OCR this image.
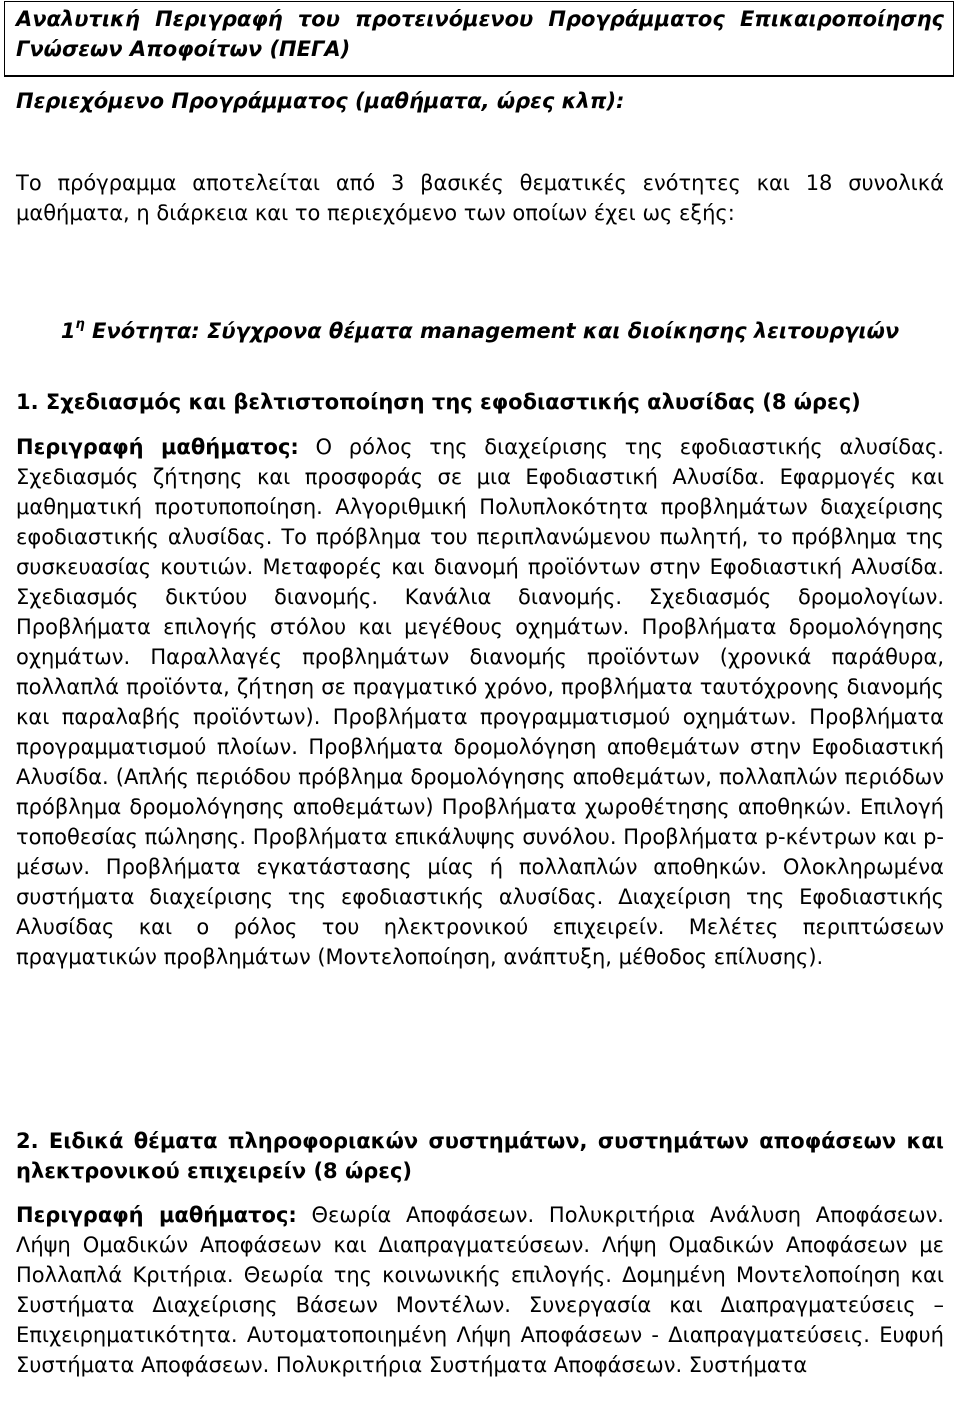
Αναλυτική Περιγραφή του προτεινόμενου Προγράμματος Επικαιροποίησης Γνώσεων Αποφοίτων (ΠΕΓΑ)
Περιεχόμενο Προγράμματος (μαθήματα, ώρες κλπ):

Το πρόγραμμα αποτελείται από 3 βασικές θεματικές ενότητες και 18 συνολικά μαθήματα, η διάρκεια και το περιεχόμενο των οποίων έχει ως εξής:

$1^\eta$ Ενότητα: Σύγχρονα θέματα management και διοίκησης λειτουργιών

1. Σχεδιασμός και βελτιστοποίηση της εφοδιαστικής αλυσίδας (8 ώρες)

Περιγραφή μαθήματος: Ο ρόλος της διαχείρισης της εφοδιαστικής αλυσίδας. Σχεδιασμός ζήτησης και προσφοράς σε μια Εφοδιαστική Αλυσίδα. Εφαρμογές και μαθηματική προτυποποίηση. Αλγοριθμική Πολυπλοκότητα προβλημάτων διαχείρισης εφοδιαστικής αλυσίδας. Το πρόβλημα του περιπλανώμενου πωλητή, το πρόβλημα της συσκευασίας κουτιών. Μεταφορές και διανομή προϊόντων στην Εφοδιαστική Αλυσίδα. Σχεδιασμός δικτύου διανομής. Κανάλια διανομής. Σχεδιασμός δρομολογίων. Προβλήματα επιλογής στόλου και μεγέθους οχημάτων. Προβλήματα δρομολόγησης οχημάτων. Παραλλαγές προβλημάτων διανομής προϊόντων (χρονικά παράθυρα, πολλαπλά προϊόντα, ζήτηση σε πραγματικό χρόνο, προβλήματα ταυτόχρονης διανομής και παραλαβής προϊόντων). Προβλήματα προγραμματισμού οχημάτων. Προβλήματα προγραμματισμού πλοίων. Προβλήματα δρομολόγηση αποθεμάτων στην Εφοδιαστική Αλυσίδα. (Απλής περιόδου πρόβλημα δρομολόγησης αποθεμάτων, πολλαπλών περιόδων πρόβλημα δρομολόγησης αποθεμάτων) Προβλήματα χωροθέτησης αποθηκών. Επιλογή τοποθεσίας πώλησης. Προβλήματα επικάλυψης συνόλου. Προβλήματα p-κέντρων και p-μέσων. Προβλήματα εγκατάστασης μίας ή πολλαπλών αποθηκών. Ολοκληρωμένα συστήματα διαχείρισης της εφοδιαστικής αλυσίδας. Διαχείριση της Εφοδιαστικής Αλυσίδας και ο ρόλος του ηλεκτρονικού επιχειρείν. Μελέτες περιπτώσεων πραγματικών προβλημάτων (Μοντελοποίηση, ανάπτυξη, μέθοδος επίλυσης).

2. Ειδικά θέματα πληροφοριακών συστημάτων, συστημάτων αποφάσεων και ηλεκτρονικού επιχειρείν (8 ώρες)

Περιγραφή μαθήματος: Θεωρία Αποφάσεων. Πολυκριτήρια Ανάλυση Αποφάσεων. Λήψη Ομαδικών Αποφάσεων και Διαπραγματεύσεων. Λήψη Ομαδικών Αποφάσεων με Πολλαπλά Κριτήρια. Θεωρία της κοινωνικής επιλογής. Δομημένη Μοντελοποίηση και Συστήματα Διαχείρισης Βάσεων Μοντέλων. Συνεργασία και Διαπραγματεύσεις – Επιχειρηματικότητα. Αυτοματοποιημένη Λήψη Αποφάσεων - Διαπραγματεύσεις. Ευφυή Συστήματα Αποφάσεων. Πολυκριτήρια Συστήματα Αποφάσεων. Συστήματα
